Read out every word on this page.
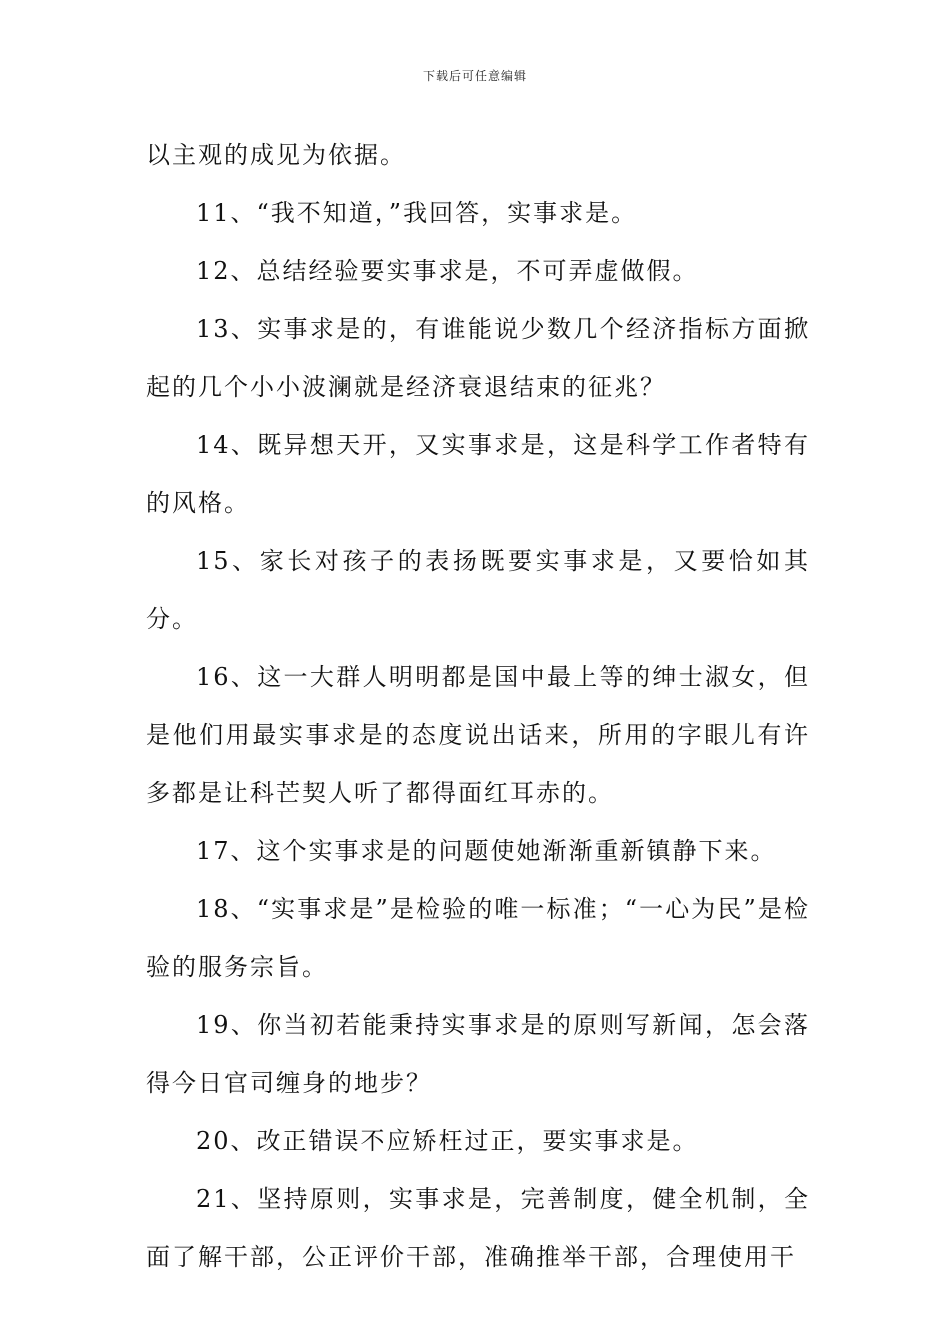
下载后可任意编辑

以主观的成见为依据。

11、“我不知道，”我回答，实事求是。

12、总结经验要实事求是，不可弄虚做假。

13、实事求是的，有谁能说少数几个经济指标方面掀起的几个小小波澜就是经济衰退结束的征兆？

14、既异想天开，又实事求是，这是科学工作者特有的风格。

15、家长对孩子的表扬既要实事求是，又要恰如其分。

16、这一大群人明明都是国中最上等的绅士淑女，但是他们用最实事求是的态度说出话来，所用的字眼儿有许多都是让科芒契人听了都得面红耳赤的。

17、这个实事求是的问题使她渐渐重新镇静下来。

18、“实事求是”是检验的唯一标准；“一心为民”是检验的服务宗旨。

19、你当初若能秉持实事求是的原则写新闻，怎会落得今日官司缠身的地步？

20、改正错误不应矫枉过正，要实事求是。

21、坚持原则，实事求是，完善制度，健全机制，全面了解干部，公正评价干部，准确推举干部，合理使用干
